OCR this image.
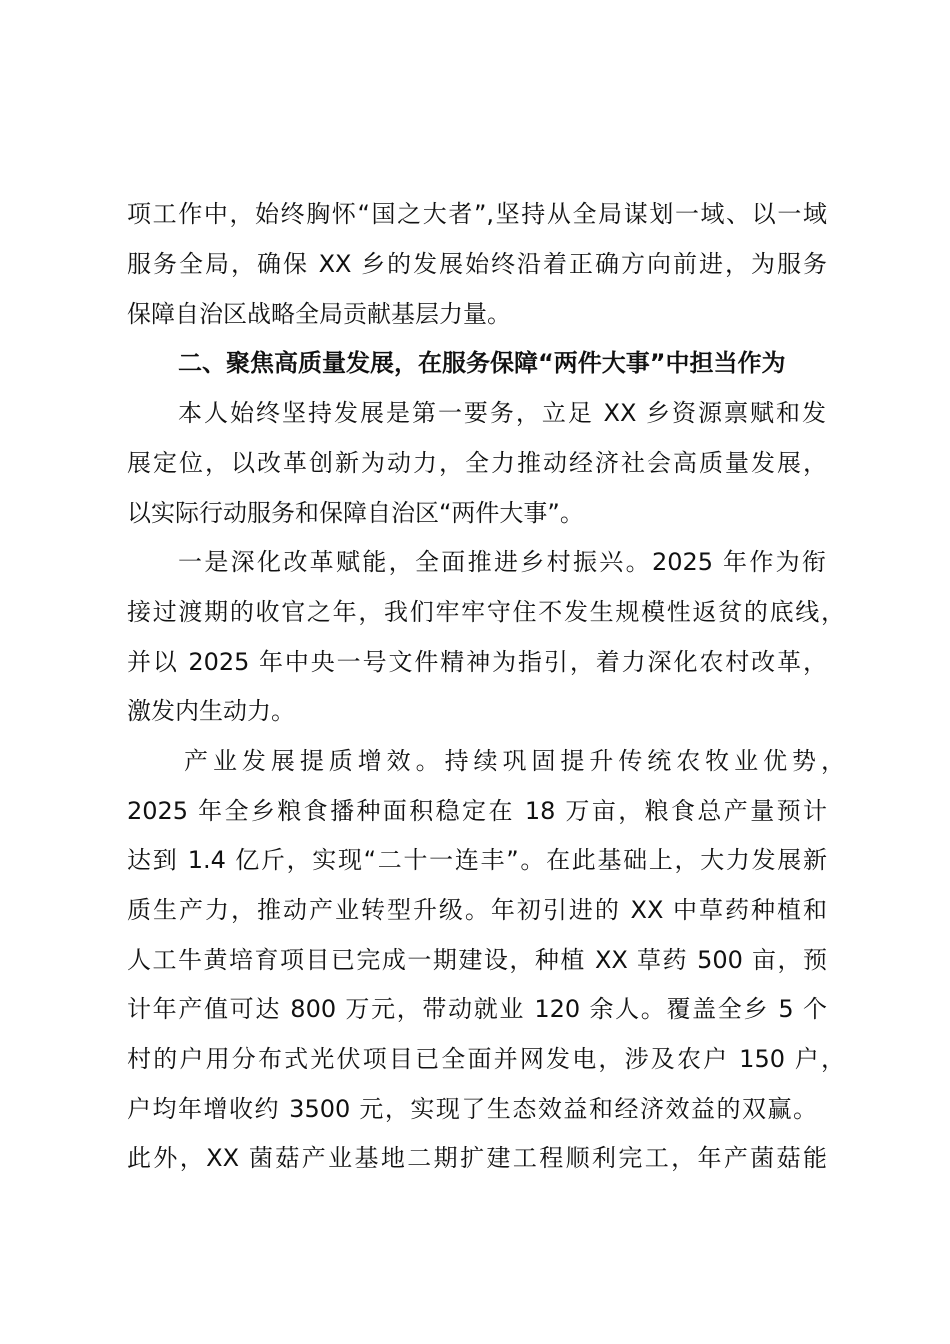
项工作中，始终胸怀“国之大者”,坚持从全局谋划一域、以一域
服务全局，确保 XX 乡的发展始终沿着正确方向前进，为服务
保障自治区战略全局贡献基层力量。
二、聚焦高质量发展，在服务保障“两件大事”中担当作为
本人始终坚持发展是第一要务，立足 XX 乡资源禀赋和发
展定位，以改革创新为动力，全力推动经济社会高质量发展，
以实际行动服务和保障自治区“两件大事”。
一是深化改革赋能，全面推进乡村振兴。2025 年作为衔
接过渡期的收官之年，我们牢牢守住不发生规模性返贫的底线，
并以 2025 年中央一号文件精神为指引，着力深化农村改革，
激发内生动力。
产业发展提质增效。持续巩固提升传统农牧业优势，
2025 年全乡粮食播种面积稳定在 18 万亩，粮食总产量预计
达到 1.4 亿斤，实现“二十一连丰”。在此基础上，大力发展新
质生产力，推动产业转型升级。年初引进的 XX 中草药种植和
人工牛黄培育项目已完成一期建设，种植 XX 草药 500 亩，预
计年产值可达 800 万元，带动就业 120 余人。覆盖全乡 5 个
村的户用分布式光伏项目已全面并网发电，涉及农户 150 户，
户均年增收约 3500 元，实现了生态效益和经济效益的双赢。
此外，XX 菌菇产业基地二期扩建工程顺利完工，年产菌菇能
